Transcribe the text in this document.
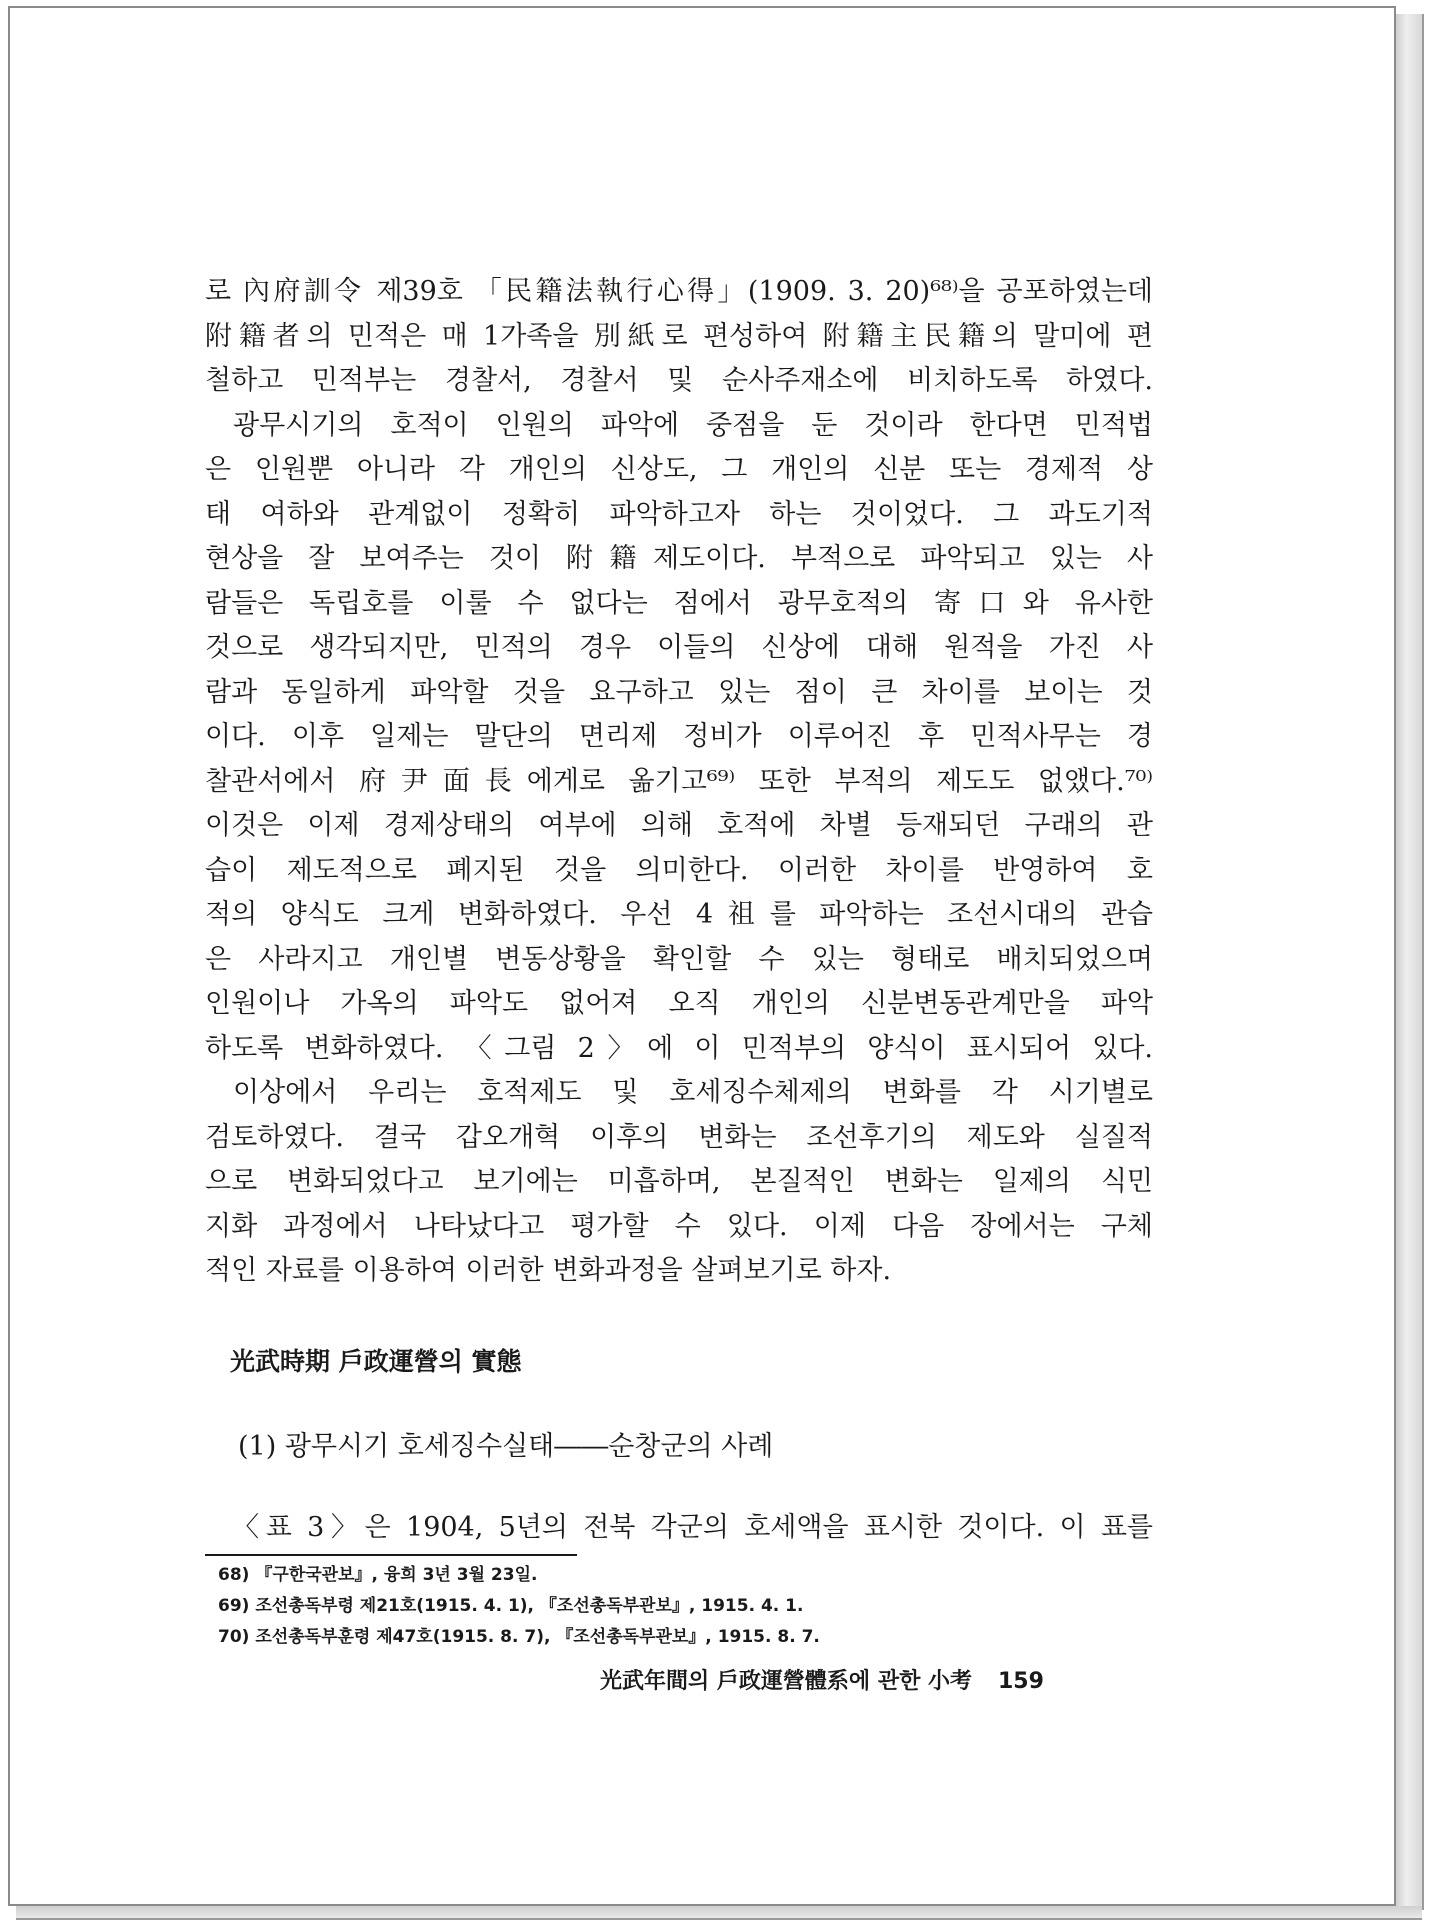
로 內府訓令 제39호 「民籍法執行心得」(1909. 3. 20)⁶⁸⁾을 공포하였는데
附籍者의 민적은 매 1가족을 別紙로 편성하여 附籍主民籍의 말미에 편
철하고 민적부는 경찰서, 경찰서 및 순사주재소에 비치하도록 하였다.
광무시기의 호적이 인원의 파악에 중점을 둔 것이라 한다면 민적법
은 인원뿐 아니라 각 개인의 신상도, 그 개인의 신분 또는 경제적 상
태 여하와 관계없이 정확히 파악하고자 하는 것이었다. 그 과도기적
현상을 잘 보여주는 것이 附籍제도이다. 부적으로 파악되고 있는 사
람들은 독립호를 이룰 수 없다는 점에서 광무호적의 寄口와 유사한
것으로 생각되지만, 민적의 경우 이들의 신상에 대해 원적을 가진 사
람과 동일하게 파악할 것을 요구하고 있는 점이 큰 차이를 보이는 것
이다. 이후 일제는 말단의 면리제 정비가 이루어진 후 민적사무는 경
찰관서에서 府尹面長에게로 옮기고⁶⁹⁾ 또한 부적의 제도도 없앴다.⁷⁰⁾
이것은 이제 경제상태의 여부에 의해 호적에 차별 등재되던 구래의 관
습이 제도적으로 폐지된 것을 의미한다. 이러한 차이를 반영하여 호
적의 양식도 크게 변화하였다. 우선 4祖를 파악하는 조선시대의 관습
은 사라지고 개인별 변동상황을 확인할 수 있는 형태로 배치되었으며
인원이나 가옥의 파악도 없어져 오직 개인의 신분변동관계만을 파악
하도록 변화하였다. 〈그림 2〉에 이 민적부의 양식이 표시되어 있다.
이상에서 우리는 호적제도 및 호세징수체제의 변화를 각 시기별로
검토하였다. 결국 갑오개혁 이후의 변화는 조선후기의 제도와 실질적
으로 변화되었다고 보기에는 미흡하며, 본질적인 변화는 일제의 식민
지화 과정에서 나타났다고 평가할 수 있다. 이제 다음 장에서는 구체
적인 자료를 이용하여 이러한 변화과정을 살펴보기로 하자.
光武時期 戶政運營의 實態
(1) 광무시기 호세징수실태――순창군의 사례
〈표 3〉은 1904, 5년의 전북 각군의 호세액을 표시한 것이다. 이 표를
68) 『구한국관보』, 융희 3년 3월 23일.
69) 조선총독부령 제21호(1915. 4. 1), 『조선총독부관보』, 1915. 4. 1.
70) 조선총독부훈령 제47호(1915. 8. 7), 『조선총독부관보』, 1915. 8. 7.
光武年間의 戶政運營體系에 관한 小考 159
